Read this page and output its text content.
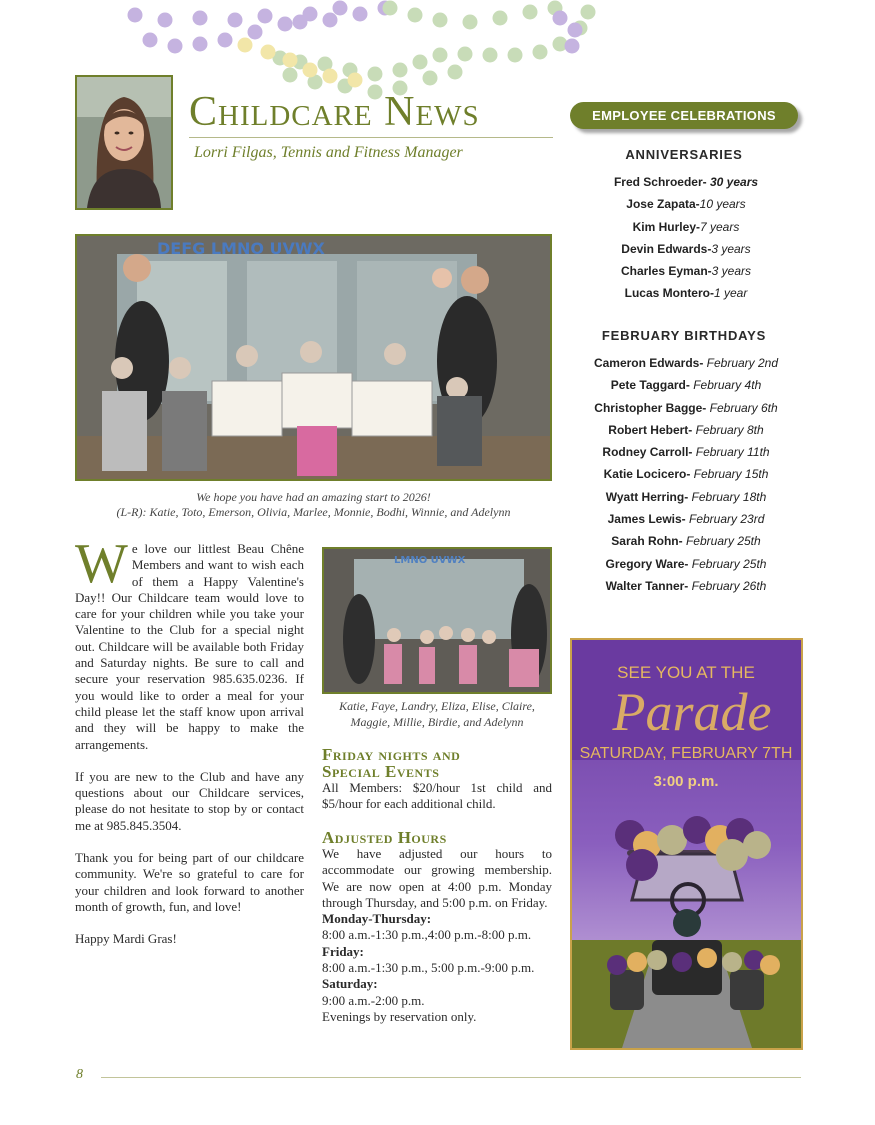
Childcare News
Lorri Filgas, Tennis and Fitness Manager
DEFG LMNO UVWX
We hope you have had an amazing start to 2026!
(L-R): Katie, Toto, Emerson, Olivia, Marlee, Monnie, Bodhi, Winnie, and Adelynn

We love our littlest Beau Chêne Members and want to wish each of them a Happy Valentine's Day!! Our Childcare team would love to care for your children while you take your Valentine to the Club for a special night out. Childcare will be available both Friday and Saturday nights. Be sure to call and secure your reservation 985.635.0236. If you would like to order a meal for your child please let the staff know upon arrival and they will be happy to make the arrangements.

If you are new to the Club and have any questions about our Childcare services, please do not hesitate to stop by or contact me at 985.845.3504.

Thank you for being part of our childcare community. We're so grateful to care for your children and look forward to another month of growth, fun, and love!

Happy Mardi Gras!

LMNO UVWX
Katie, Faye, Landry, Eliza, Elise, Claire, Maggie, Millie, Birdie, and Adelynn
Friday nights and
Special Events

All Members: $20/hour 1st child and $5/hour for each additional child.

Adjusted Hours

We have adjusted our hours to accommodate our growing membership. We are now open at 4:00 p.m. Monday through Thursday, and 5:00 p.m. on Friday.

Monday-Thursday:
8:00 a.m.-1:30 p.m.,4:00 p.m.-8:00 p.m.
Friday:
8:00 a.m.-1:30 p.m., 5:00 p.m.-9:00 p.m.
Saturday:
9:00 a.m.-2:00 p.m.
Evenings by reservation only.
EMPLOYEE CELEBRATIONS
ANNIVERSARIES
Fred Schroeder- 30 years
Jose Zapata-10 years
Kim Hurley-7 years
Devin Edwards-3 years
Charles Eyman-3 years
Lucas Montero-1 year
FEBRUARY BIRTHDAYS
Cameron Edwards- February 2nd
Pete Taggard- February 4th
Christopher Bagge- February 6th
Robert Hebert- February 8th
Rodney Carroll- February 11th
Katie Locicero- February 15th
Wyatt Herring- February 18th
James Lewis- February 23rd
Sarah Rohn- February 25th
Gregory Ware- February 25th
Walter Tanner- February 26th
SEE YOU AT THE
Parade
SATURDAY, FEBRUARY 7TH
3:00 p.m.
8
